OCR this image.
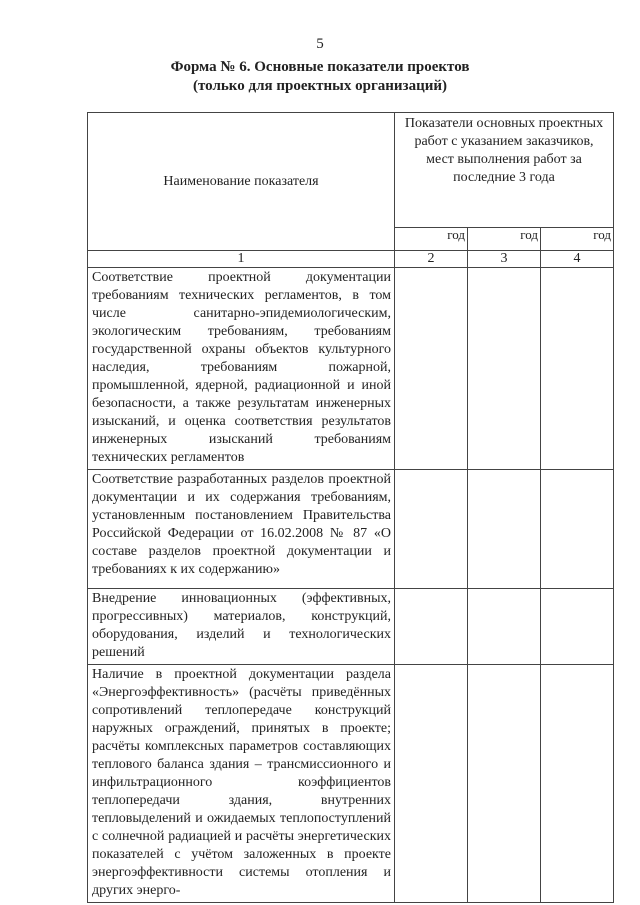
5
Форма № 6. Основные показатели проектов
(только для проектных организаций)
Наименование показателя	Показатели основных проектных работ с указанием заказчиков, мест выполнения работ за последние 3 года		
	год	год	год
1	2	3	4
Соответствие проектной документации требованиям технических регламентов, в том числе санитарно-эпидемиологическим, экологическим требованиям, требованиям государственной охраны объектов культурного наследия, требованиям пожарной, промышленной, ядерной, радиационной и иной безопасности, а также результатам инженерных изысканий, и оценка соответствия результатов инженерных изысканий требованиям технических регламентов			
Соответствие разработанных разделов проектной документации и их содержания требованиям, установленным постановлением Правительства Российской Федерации от 16.02.2008 № 87 «О составе разделов проектной документации и требованиях к их содержанию»			
Внедрение инновационных (эффективных, прогрессивных) материалов, конструкций, оборудования, изделий и технологических решений			
Наличие в проектной документации раздела «Энергоэффективность» (расчёты приведённых сопротивлений теплопередаче конструкций наружных ограждений, принятых в проекте; расчёты комплексных параметров составляющих теплового баланса здания – трансмиссионного и инфильтрационного коэффициентов теплопередачи здания, внутренних тепловыделений и ожидаемых теплопоступлений с солнечной радиацией и расчёты энергетических показателей с учётом заложенных в проекте энергоэффективности системы отопления и других энерго-			
